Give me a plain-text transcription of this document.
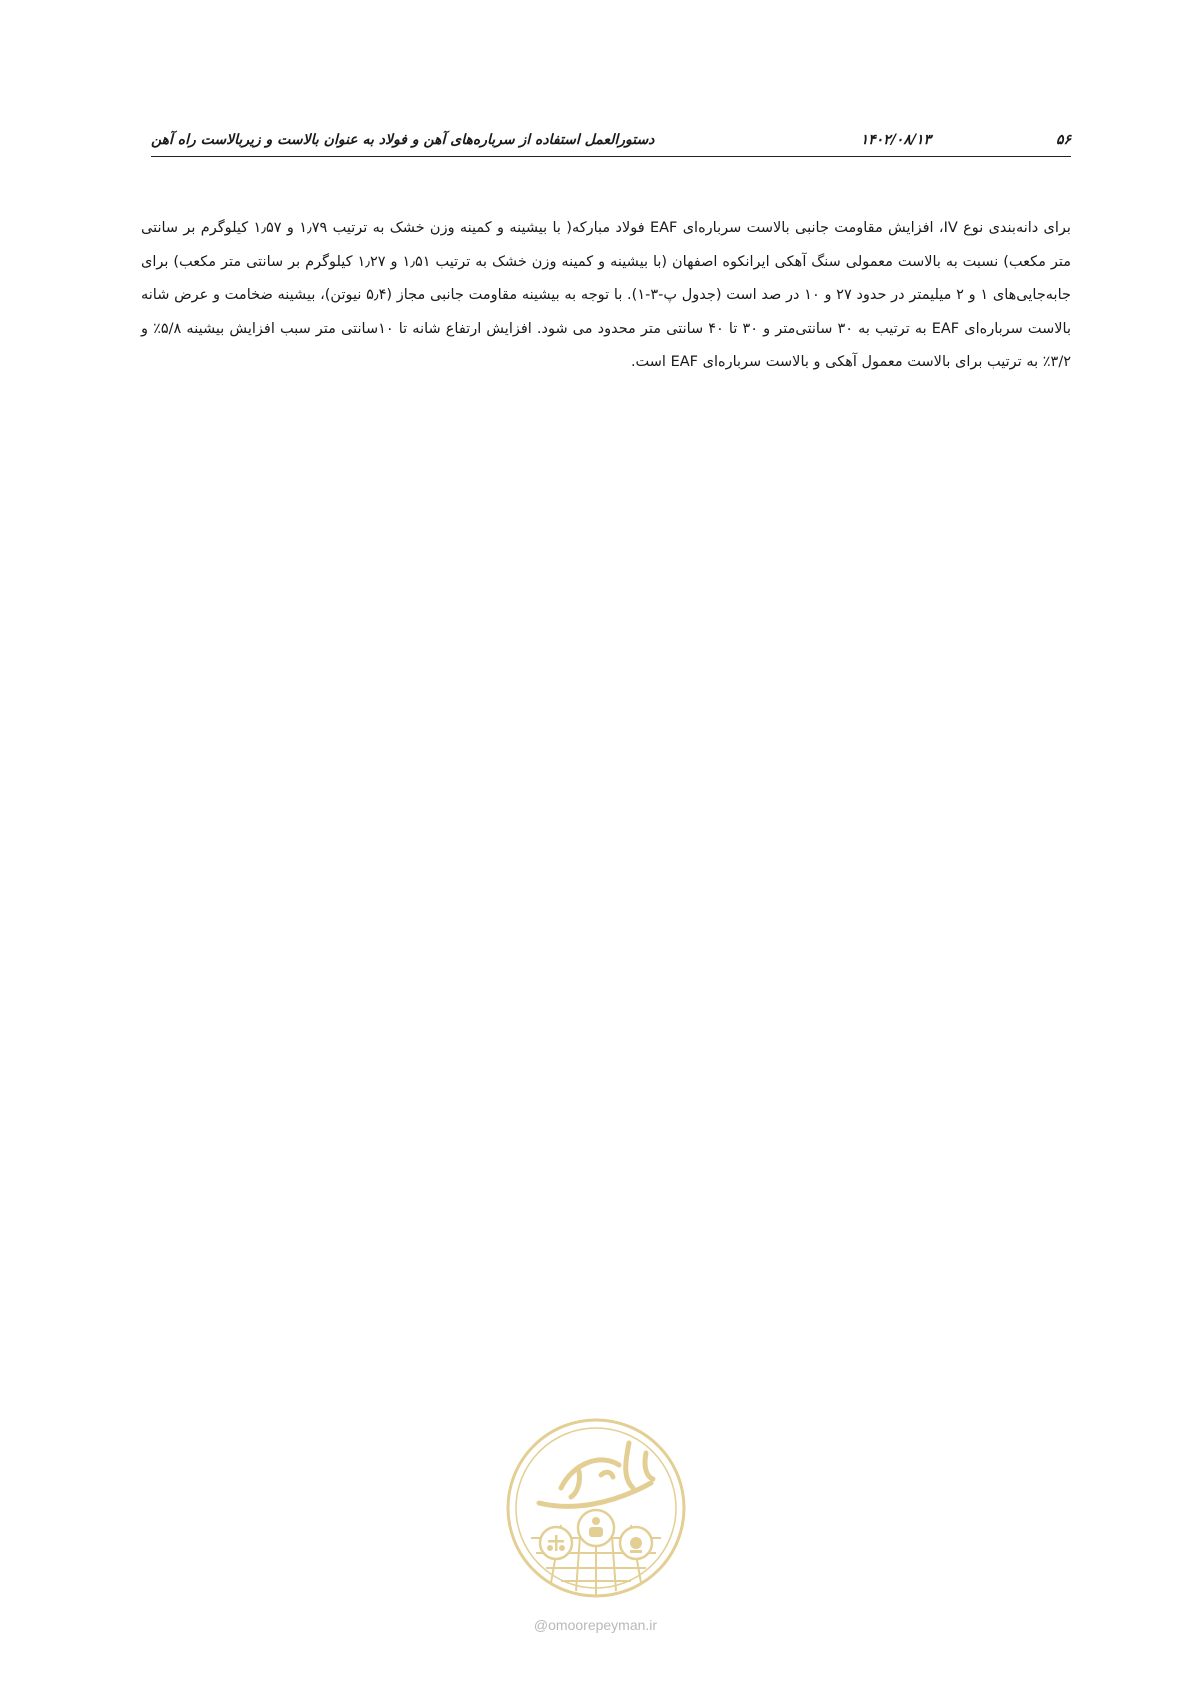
۵۶
۱۴۰۲/۰۸/۱۳
دستورالعمل استفاده از سرباره‌های آهن و فولاد به عنوان بالاست و زیربالاست راه آهن

برای دانه‌بندی نوع IV، افزایش مقاومت جانبی بالاست سرباره‌ای EAF فولاد مبارکه( با بیشینه و کمینه وزن خشک به ترتیب ۱٫۷۹ و ۱٫۵۷ کیلوگرم بر سانتی متر مکعب) نسبت به بالاست معمولی سنگ آهکی ایرانکوه اصفهان (با بیشینه و کمینه وزن خشک به ترتیب ۱٫۵۱ و ۱٫۲۷ کیلوگرم بر سانتی متر مکعب) برای جابه‌جایی‌های ۱ و ۲ میلیمتر در حدود ۲۷ و ۱۰ در صد است (جدول پ-۳-۱). با توجه به بیشینه مقاومت جانبی مجاز (۵٫۴ نیوتن)، بیشینه ضخامت و عرض شانه بالاست سرباره‌ای EAF به ترتیب به ۳۰ سانتی‌متر و ۳۰ تا ۴۰ سانتی متر محدود می شود. افزایش ارتفاع شانه تا ۱۰سانتی متر سبب افزایش بیشینه ۵/۸٪ و ۳/۲٪ به ترتیب برای بالاست معمول آهکی و بالاست سرباره‌ای EAF است.

@omoorepeyman.ir
